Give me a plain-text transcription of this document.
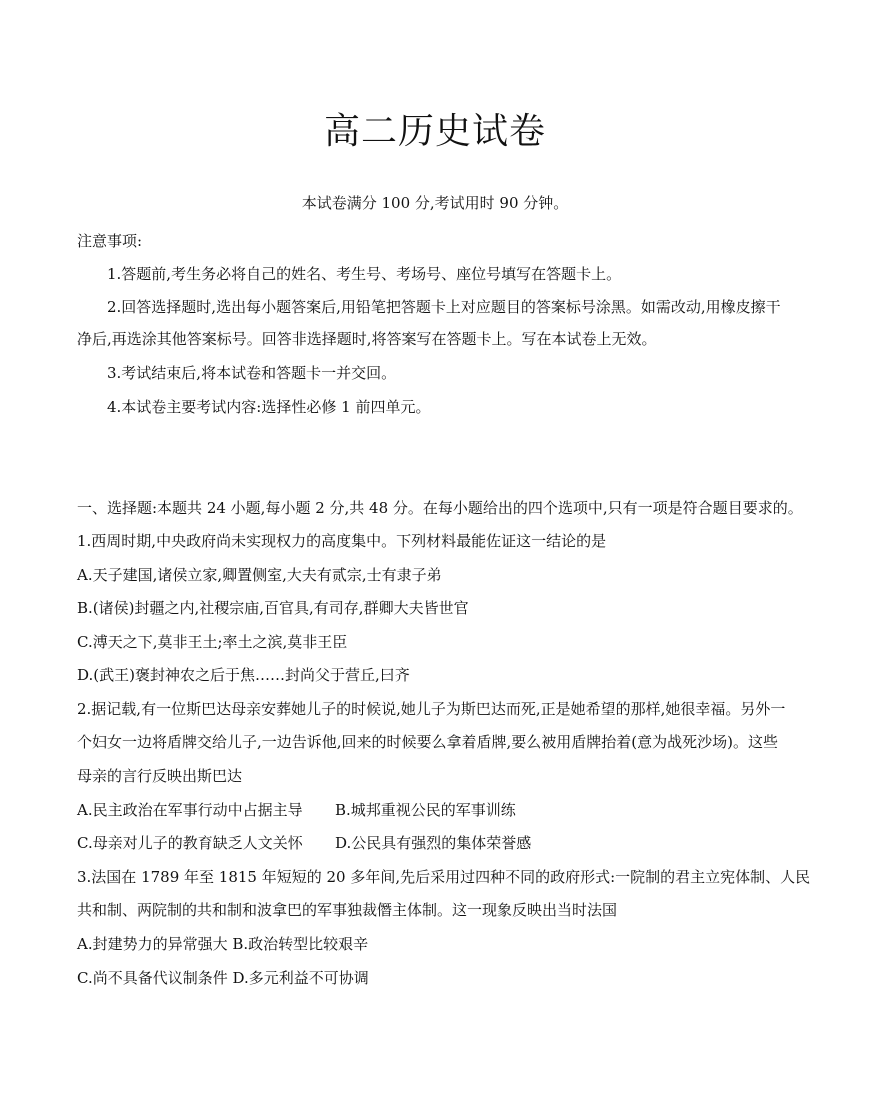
高二历史试卷
本试卷满分 100 分,考试用时 90 分钟。
注意事项:
1.答题前,考生务必将自己的姓名、考生号、考场号、座位号填写在答题卡上。
2.回答选择题时,选出每小题答案后,用铅笔把答题卡上对应题目的答案标号涂黑。如需改动,用橡皮擦干
净后,再选涂其他答案标号。回答非选择题时,将答案写在答题卡上。写在本试卷上无效。
3.考试结束后,将本试卷和答题卡一并交回。
4.本试卷主要考试内容:选择性必修 1 前四单元。
一、选择题:本题共 24 小题,每小题 2 分,共 48 分。在每小题给出的四个选项中,只有一项是符合题目要求的。
1.西周时期,中央政府尚未实现权力的高度集中。下列材料最能佐证这一结论的是
A.天子建国,诸侯立家,卿置侧室,大夫有贰宗,士有隶子弟
B.(诸侯)封疆之内,社稷宗庙,百官具,有司存,群卿大夫皆世官
C.溥天之下,莫非王土;率土之滨,莫非王臣
D.(武王)褒封神农之后于焦……封尚父于营丘,曰齐
2.据记载,有一位斯巴达母亲安葬她儿子的时候说,她儿子为斯巴达而死,正是她希望的那样,她很幸福。另外一
个妇女一边将盾牌交给儿子,一边告诉他,回来的时候要么拿着盾牌,要么被用盾牌抬着(意为战死沙场)。这些
母亲的言行反映出斯巴达
A.民主政治在军事行动中占据主导 B.城邦重视公民的军事训练
C.母亲对儿子的教育缺乏人文关怀 D.公民具有强烈的集体荣誉感
3.法国在 1789 年至 1815 年短短的 20 多年间,先后采用过四种不同的政府形式:一院制的君主立宪体制、人民
共和制、两院制的共和制和波拿巴的军事独裁僭主体制。这一现象反映出当时法国
A.封建势力的异常强大 B.政治转型比较艰辛
C.尚不具备代议制条件 D.多元利益不可协调
